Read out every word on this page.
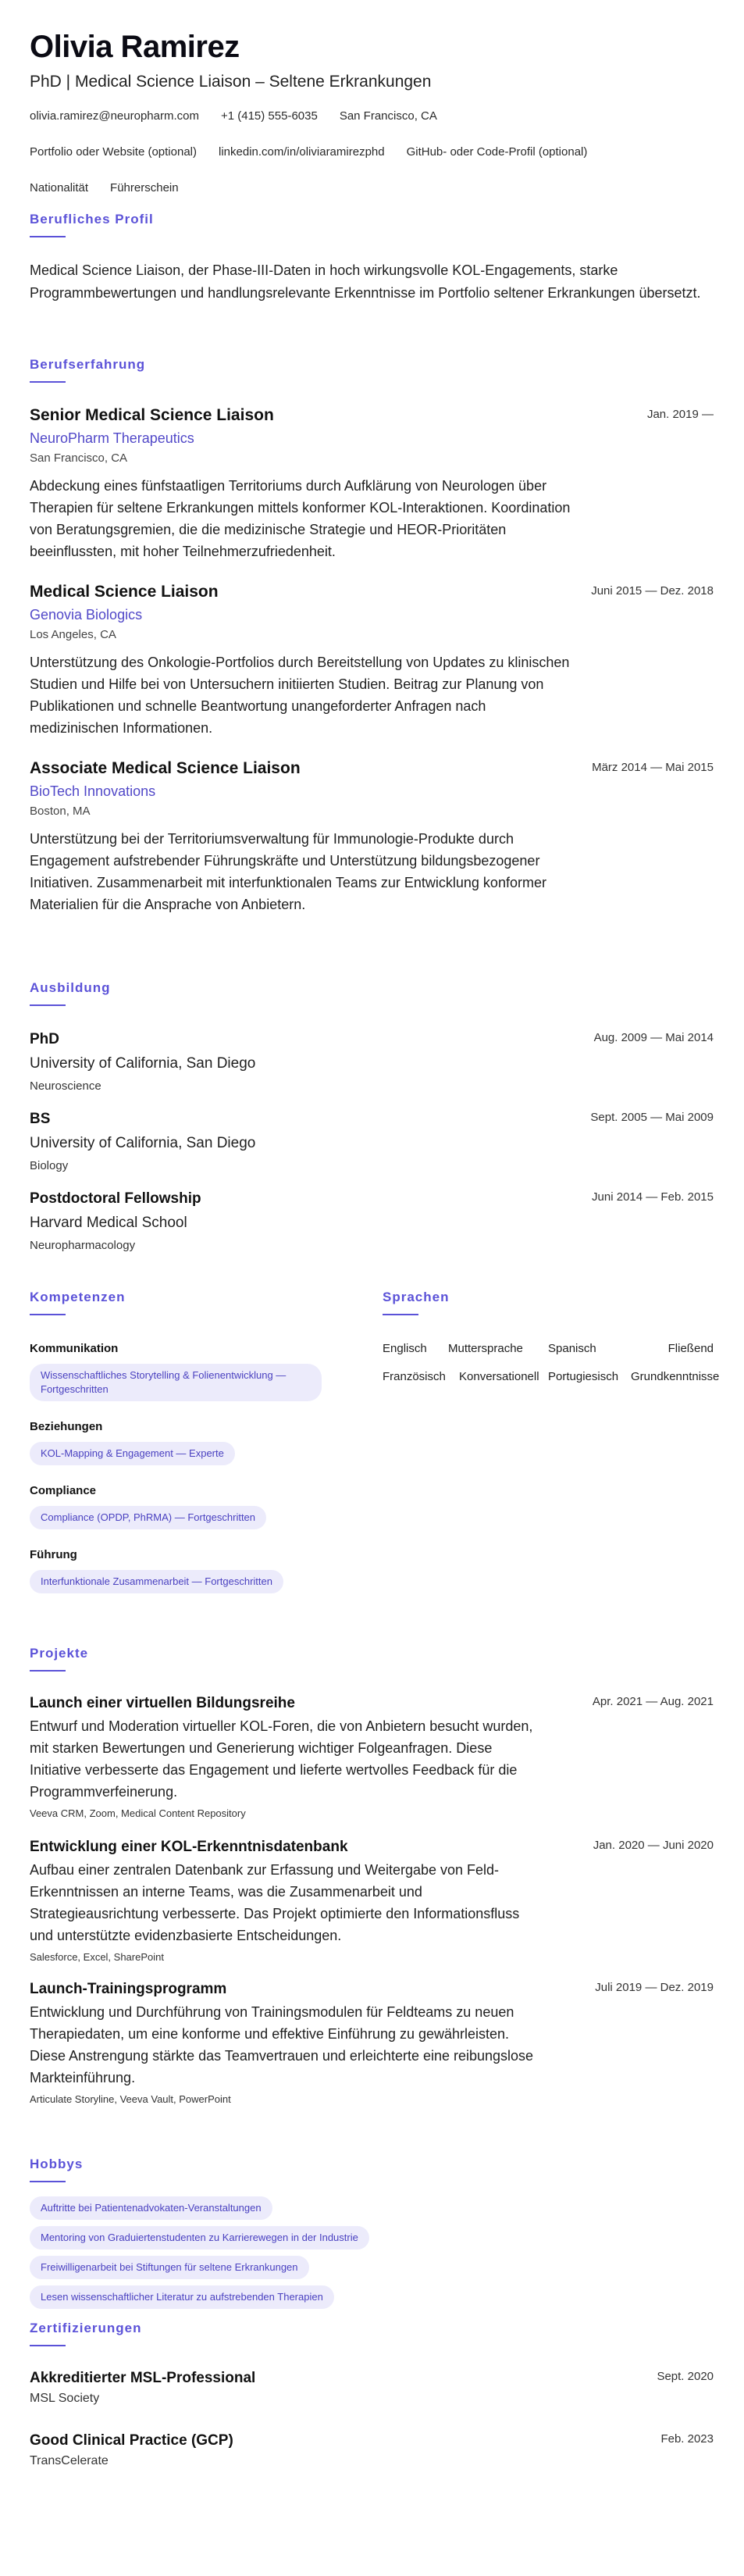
Olivia Ramirez
PhD | Medical Science Liaison – Seltene Erkrankungen
olivia.ramirez@neuropharm.com +1 (415) 555-6035 San Francisco, CA
Portfolio oder Website (optional) linkedin.com/in/oliviaramirezphd GitHub- oder Code-Profil (optional)
Nationalität Führerschein
Berufliches Profil
Medical Science Liaison, der Phase-III-Daten in hoch wirkungsvolle KOL-Engagements, starke Programmbewertungen und handlungsrelevante Erkenntnisse im Portfolio seltener Erkrankungen übersetzt.
Berufserfahrung
Jan. 2019 —
Senior Medical Science Liaison
NeuroPharm Therapeutics
San Francisco, CA
Abdeckung eines fünfstaatligen Territoriums durch Aufklärung von Neurologen über Therapien für seltene Erkrankungen mittels konformer KOL-Interaktionen. Koordination von Beratungsgremien, die die medizinische Strategie und HEOR-Prioritäten beeinflussten, mit hoher Teilnehmerzufriedenheit.
Juni 2015 — Dez. 2018
Medical Science Liaison
Genovia Biologics
Los Angeles, CA
Unterstützung des Onkologie-Portfolios durch Bereitstellung von Updates zu klinischen Studien und Hilfe bei von Untersuchern initiierten Studien. Beitrag zur Planung von Publikationen und schnelle Beantwortung unangeforderter Anfragen nach medizinischen Informationen.
März 2014 — Mai 2015
Associate Medical Science Liaison
BioTech Innovations
Boston, MA
Unterstützung bei der Territoriumsverwaltung für Immunologie-Produkte durch Engagement aufstrebender Führungskräfte und Unterstützung bildungsbezogener Initiativen. Zusammenarbeit mit interfunktionalen Teams zur Entwicklung konformer Materialien für die Ansprache von Anbietern.
Ausbildung
Aug. 2009 — Mai 2014
PhD
University of California, San Diego
Neuroscience
Sept. 2005 — Mai 2009
BS
University of California, San Diego
Biology
Juni 2014 — Feb. 2015
Postdoctoral Fellowship
Harvard Medical School
Neuropharmacology
Kompetenzen
Kommunikation
Wissenschaftliches Storytelling & Folienentwicklung — Fortgeschritten
Beziehungen
KOL-Mapping & Engagement — Experte
Compliance
Compliance (OPDP, PhRMA) — Fortgeschritten
Führung
Interfunktionale Zusammenarbeit — Fortgeschritten
Sprachen
Englisch Muttersprache Spanisch	Fließend
Französisch Konversationell Portugiesisch Grundkenntnisse
Projekte
Apr. 2021 — Aug. 2021
Launch einer virtuellen Bildungsreihe
Entwurf und Moderation virtueller KOL-Foren, die von Anbietern besucht wurden, mit starken Bewertungen und Generierung wichtiger Folgeanfragen. Diese Initiative verbesserte das Engagement und lieferte wertvolles Feedback für die Programmverfeinerung.
Veeva CRM, Zoom, Medical Content Repository
Jan. 2020 — Juni 2020
Entwicklung einer KOL-Erkenntnisdatenbank
Aufbau einer zentralen Datenbank zur Erfassung und Weitergabe von Feld-Erkenntnissen an interne Teams, was die Zusammenarbeit und Strategieausrichtung verbesserte. Das Projekt optimierte den Informationsfluss und unterstützte evidenzbasierte Entscheidungen.
Salesforce, Excel, SharePoint
Juli 2019 — Dez. 2019
Launch-Trainingsprogramm
Entwicklung und Durchführung von Trainingsmodulen für Feldteams zu neuen Therapiedaten, um eine konforme und effektive Einführung zu gewährleisten. Diese Anstrengung stärkte das Teamvertrauen und erleichterte eine reibungslose Markteinführung.
Articulate Storyline, Veeva Vault, PowerPoint
Hobbys
Auftritte bei Patientenadvokaten-Veranstaltungen
Mentoring von Graduiertenstudenten zu Karrierewegen in der Industrie
Freiwilligenarbeit bei Stiftungen für seltene Erkrankungen
Lesen wissenschaftlicher Literatur zu aufstrebenden Therapien
Zertifizierungen
Sept. 2020
Akkreditierter MSL-Professional
MSL Society
Feb. 2023
Good Clinical Practice (GCP)
TransCelerate
